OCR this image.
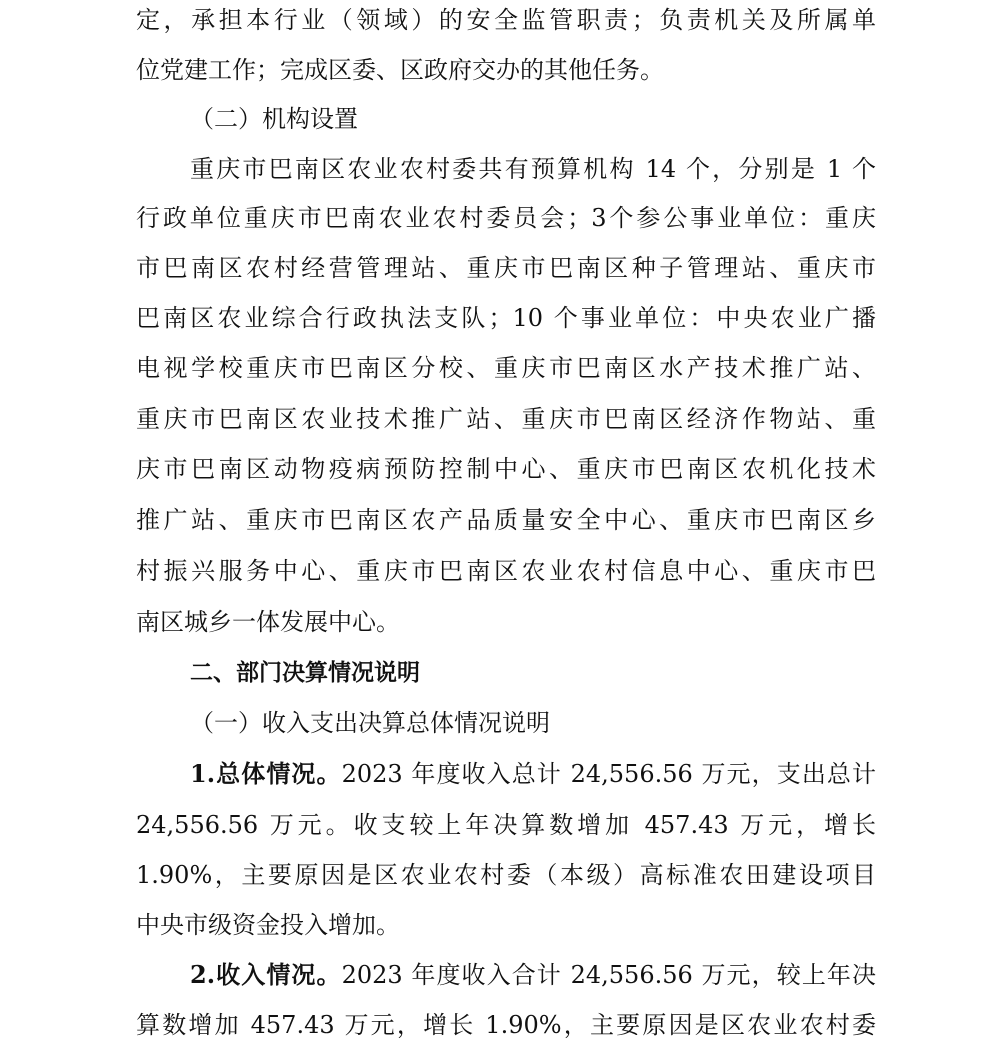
定，承担本行业（领域）的安全监管职责；负责机关及所属单
位党建工作；完成区委、区政府交办的其他任务。
（二）机构设置
重庆市巴南区农业农村委共有预算机构 14 个，分别是 1 个
行政单位重庆市巴南农业农村委员会；3个参公事业单位：重庆
市巴南区农村经营管理站、重庆市巴南区种子管理站、重庆市
巴南区农业综合行政执法支队；10 个事业单位：中央农业广播
电视学校重庆市巴南区分校、重庆市巴南区水产技术推广站、
重庆市巴南区农业技术推广站、重庆市巴南区经济作物站、重
庆市巴南区动物疫病预防控制中心、重庆市巴南区农机化技术
推广站、重庆市巴南区农产品质量安全中心、重庆市巴南区乡
村振兴服务中心、重庆市巴南区农业农村信息中心、重庆市巴
南区城乡一体发展中心。
二、部门决算情况说明
（一）收入支出决算总体情况说明
1.总体情况。2023 年度收入总计 24,556.56 万元，支出总计
24,556.56 万元。收支较上年决算数增加 457.43 万元，增长
1.90%，主要原因是区农业农村委（本级）高标准农田建设项目
中央市级资金投入增加。
2.收入情况。2023 年度收入合计 24,556.56 万元，较上年决
算数增加 457.43 万元，增长 1.90%，主要原因是区农业农村委
